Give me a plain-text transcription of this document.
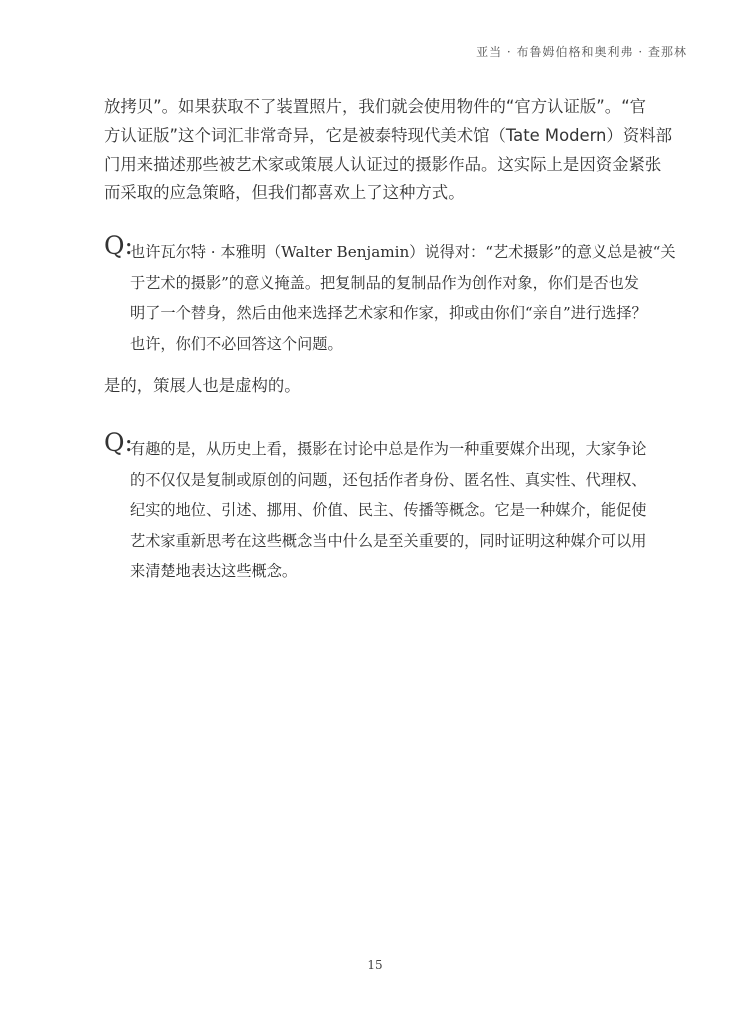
亚当 · 布鲁姆伯格和奥利弗 · 查那林
放拷贝”。如果获取不了装置照片，我们就会使用物件的“官方认证版”。“官
方认证版”这个词汇非常奇异，它是被泰特现代美术馆（Tate Modern）资料部
门用来描述那些被艺术家或策展人认证过的摄影作品。这实际上是因资金紧张
而采取的应急策略，但我们都喜欢上了这种方式。
Q:
也许瓦尔特 · 本雅明（Walter Benjamin）说得对：“艺术摄影”的意义总是被“关
于艺术的摄影”的意义掩盖。把复制品的复制品作为创作对象，你们是否也发
明了一个替身，然后由他来选择艺术家和作家，抑或由你们“亲自”进行选择？
也许，你们不必回答这个问题。
是的，策展人也是虚构的。
Q:
有趣的是，从历史上看，摄影在讨论中总是作为一种重要媒介出现，大家争论
的不仅仅是复制或原创的问题，还包括作者身份、匿名性、真实性、代理权、
纪实的地位、引述、挪用、价值、民主、传播等概念。它是一种媒介，能促使
艺术家重新思考在这些概念当中什么是至关重要的，同时证明这种媒介可以用
来清楚地表达这些概念。
15
